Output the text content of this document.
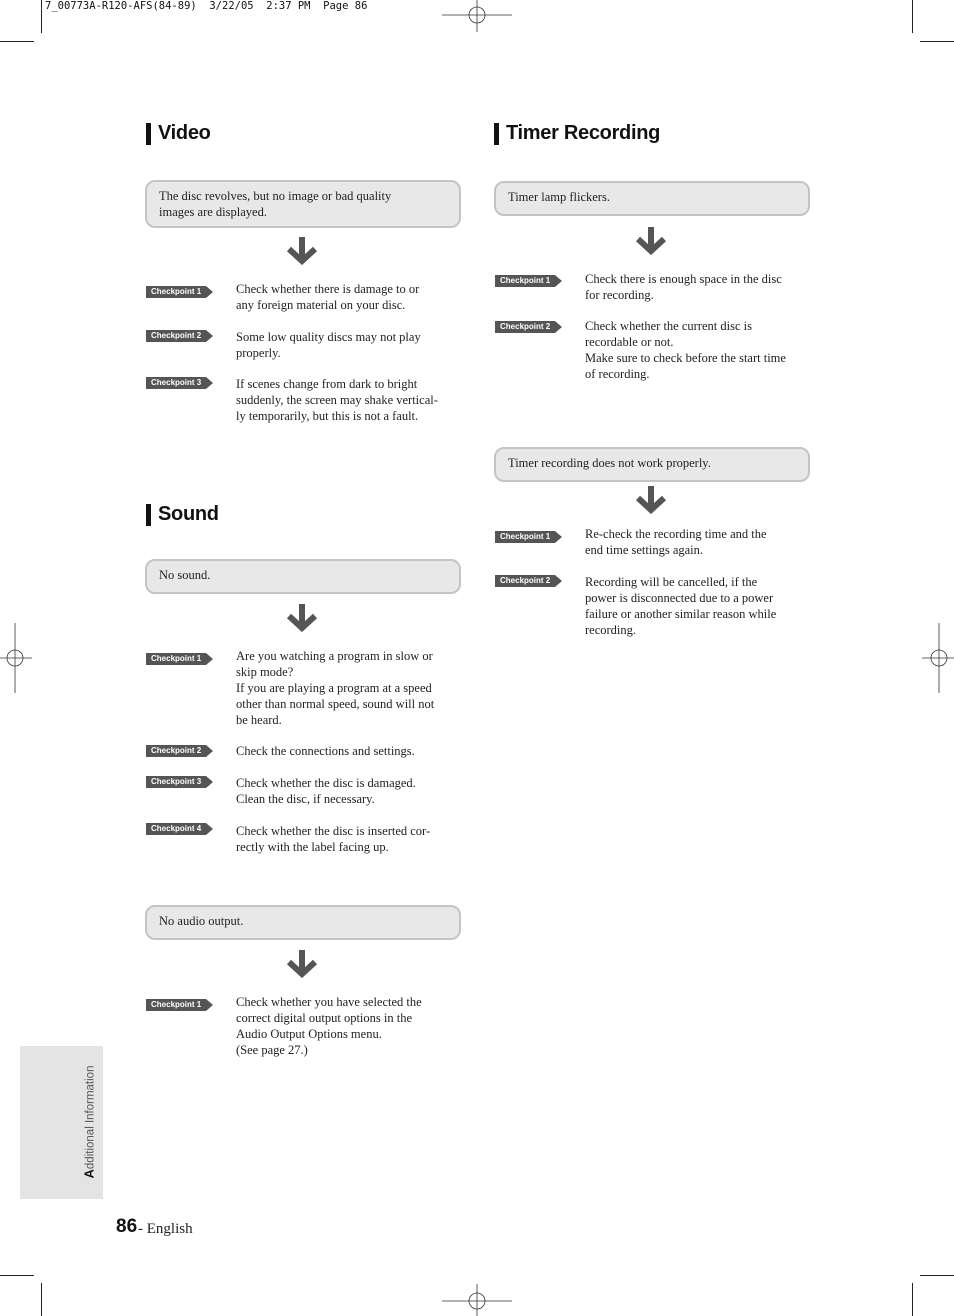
7_00773A-R120-AFS(84-89)  3/22/05  2:37 PM  Page 86
Video
The disc revolves, but no image or bad quality
images are displayed.
Checkpoint 1	Check whether there is damage to or
any foreign material on your disc.
Checkpoint 2	Some low quality discs may not play
properly.
Checkpoint 3	If scenes change from dark to bright
suddenly, the screen may shake vertical-
ly temporarily, but this is not a fault.
Sound
No sound.
Checkpoint 1	Are you watching a program in slow or
skip mode?
If you are playing a program at a speed
other than normal speed, sound will not
be heard.
Checkpoint 2	Check the connections and settings.
Checkpoint 3	Check whether the disc is damaged.
Clean the disc, if necessary.
Checkpoint 4	Check whether the disc is inserted cor-
rectly with the label facing up.
No audio output.
Checkpoint 1	Check whether you have selected the
correct digital output options in the
Audio Output Options menu.
(See page 27.)
Timer Recording
Timer lamp flickers.
Checkpoint 1	Check there is enough space in the disc
for recording.
Checkpoint 2	Check whether the current disc is
recordable or not.
Make sure to check before the start time
of recording.
Timer recording does not work properly.
Checkpoint 1	Re-check the recording time and the
end time settings again.
Checkpoint 2	Recording will be cancelled, if the
power is disconnected due to a power
failure or another similar reason while
recording.
Additional Information
86 - English
